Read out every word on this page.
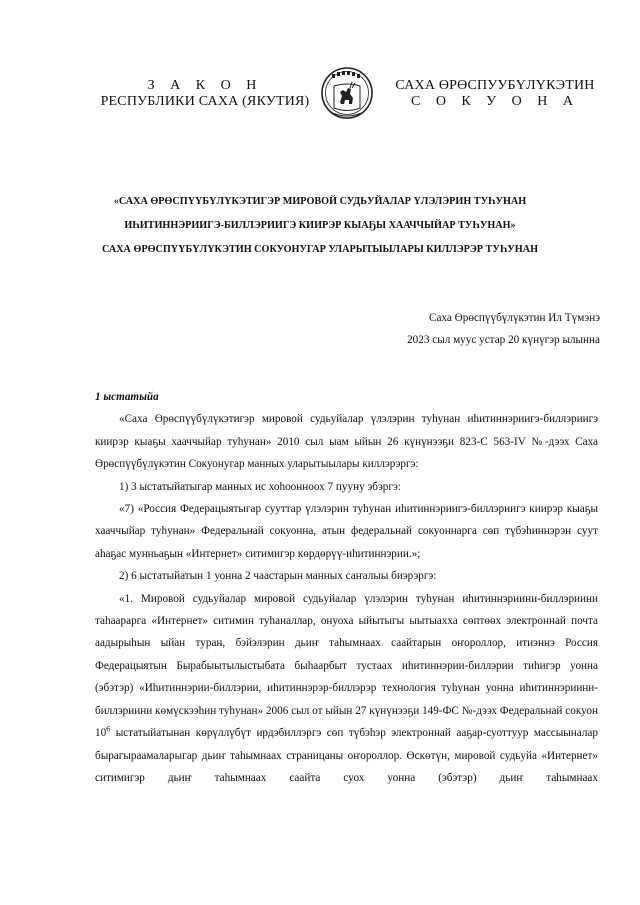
З А К О Н
РЕСПУБЛИКИ САХА (ЯКУТИЯ)
САХА ӨРӨСПУУБҮЛҮКЭТИН
С О К У О Н А
«САХА ӨРӨСПҮҮБҮЛҮКЭТИГЭР МИРОВОЙ СУДЬУЙАЛАР ҮЛЭЛЭРИН ТУҺУНАН
ИҺИТИННЭРИИГЭ-БИЛЛЭРИИГЭ КИИРЭР КЫАҔЫ ХААЧЧЫЙАР ТУҺУНАН»
САХА ӨРӨСПҮҮБҮЛҮКЭТИН СОКУОНУГАР УЛАРЫТЫЫЛАРЫ КИЛЛЭРЭР ТУҺУНАН
Саха Өрөспүүбүлүкэтин Ил Түмэнэ
2023 сыл муус устар 20 күнүгэр ылынна
1 ыстатыйа

«Саха Өрөспүүбүлүкэтигэр мировой судьуйалар үлэлэрин туһунан иһитиннэриигэ-биллэриигэ киирэр кыаҕы хааччыйар туһунан» 2010 сыл ыам ыйын 26 күнүнээҕи 823-С 563-IV №-дээх Саха Өрөспүүбүлүкэтин Сокуонугар манных уларытыылары киллэрэргэ:

1) 3 ыстатыйатыгар манных ис хоһоонноох 7 пууну эбэргэ:

«7) «Россия Федерацыятыгар сууттар үлэлэрин туһунан иһитиннэриигэ-биллэриигэ киирэр кыаҕы хааччыйар туһунан» Федеральнай сокуонна, атын федеральнай сокуоннарга сөп түбэһиннэрэн суут аһаҕас мунньаҕын «Интернет» ситимигэр көрдөрүү-иһитиннэрии.»;

2) 6 ыстатыйатын 1 уонна 2 чаастарын манных саҥалыы биэрэргэ:

«1. Мировой судьуйалар мировой судьуйалар үлэлэрин туһунан иһитиннэриини-биллэриини таһаарарга «Интернет» ситимин туһаналлар, онуоха ыйытыгы ыытыахха сөптөөх электроннай почта аадырыһын ыйан туран, бэйэлэрин дьиҥ таһымнаах саайтарын оҥороллор, итиэннэ Россия Федерацыятын Бырабыытылыстыбата быһаарбыт тустаах иһитиннэрии-биллэрии тиһигэр уонна (эбэтэр) «Иһитиннэрии-биллэрии, иһитиннэрэр-биллэрэр технология туһунан уонна иһитиннэриини-биллэриини көмүскээһин туһунан» 2006 сыл от ыйын 27 күнүнээҕи 149-ФС №-дээх Федеральнай сокуон $10^6$ ыстатыйатынан көрүллүбүт ирдэбиллэргэ сөп түбэһэр электроннай ааҕар-суоттуур массыыналар бырагыраамаларыгар дьиҥ таһымнаах страницаны оҥороллор. Өскөтүн, мировой судьуйа «Интернет» ситимигэр дьиҥ таһымнаах саайта суох уонна (эбэтэр) дьиҥ таһымнаах
